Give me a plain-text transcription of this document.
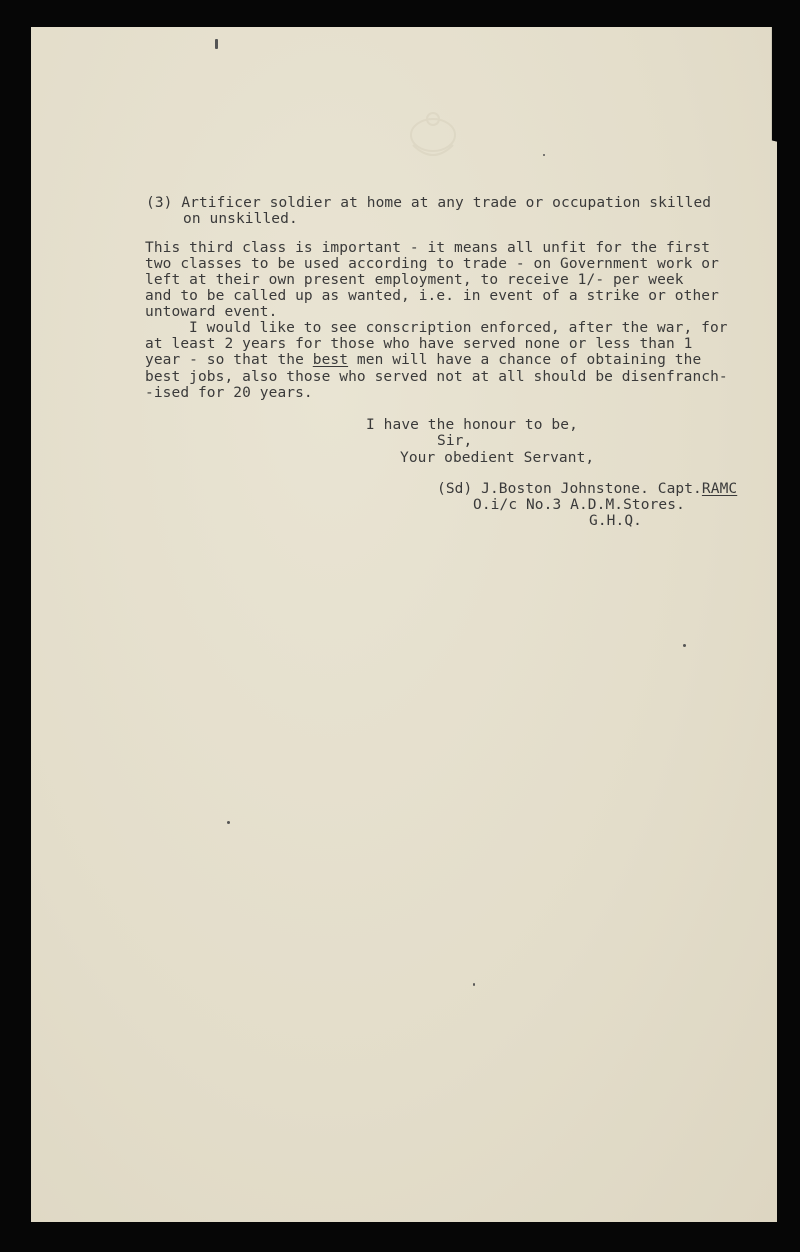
(3) Artificer soldier at home at any trade or occupation skilled

on unskilled.

This third class is important - it means all unfit for the first

two classes to be used according to trade - on Government work or

left at their own present employment, to receive 1/- per week

and to be called up as wanted, i.e. in event of a strike or other

untoward event.

I would like to see conscription enforced, after the war, for

at least 2 years for those who have served none or less than 1

year - so that the best men will have a chance of obtaining the

best jobs, also those who served not at all should be disenfranch-

-ised for 20 years.

I have the honour to be,

Sir,

Your obedient Servant,

(Sd) J.Boston Johnstone. Capt.RAMC

O.i/c No.3 A.D.M.Stores.

G.H.Q.
